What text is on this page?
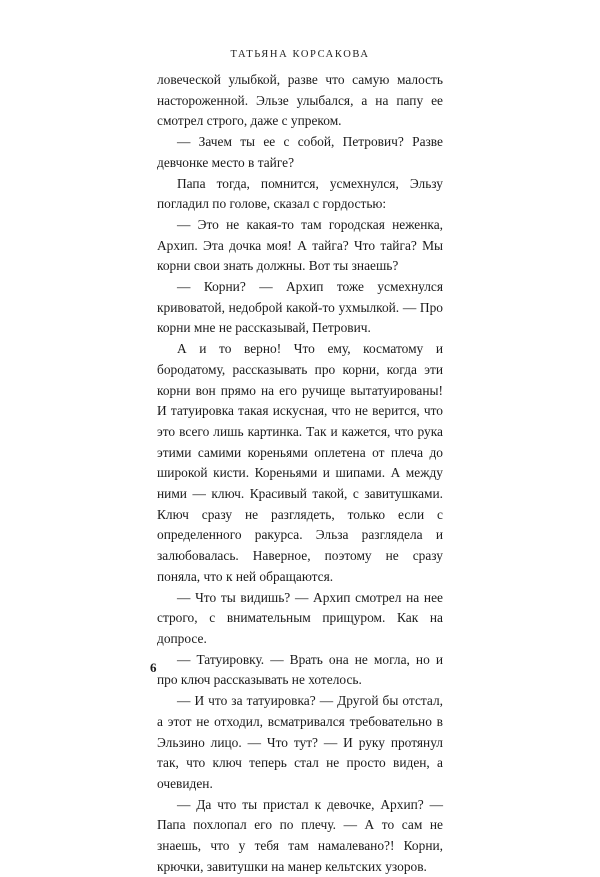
ТАТЬЯНА КОРСАКОВА

ловеческой улыбкой, разве что самую малость настороженной. Эльзе улыбался, а на папу ее смотрел строго, даже с упреком.

— Зачем ты ее с собой, Петрович? Разве девчонке место в тайге?

Папа тогда, помнится, усмехнулся, Эльзу погладил по голове, сказал с гордостью:

— Это не какая-то там городская неженка, Архип. Эта дочка моя! А тайга? Что тайга? Мы корни свои знать должны. Вот ты знаешь?

— Корни? — Архип тоже усмехнулся кривоватой, недоброй какой-то ухмылкой. — Про корни мне не рассказывай, Петрович.

А и то верно! Что ему, косматому и бородатому, рассказывать про корни, когда эти корни вон прямо на его ручище вытатуированы! И татуировка такая искусная, что не верится, что это всего лишь картинка. Так и кажется, что рука этими самими кореньями оплетена от плеча до широкой кисти. Кореньями и шипами. А между ними — ключ. Красивый такой, с завитушками. Ключ сразу не разглядеть, только если с определенного ракурса. Эльза разглядела и залюбовалась. Наверное, поэтому не сразу поняла, что к ней обращаются.

— Что ты видишь? — Архип смотрел на нее строго, с внимательным прищуром. Как на допросе.

— Татуировку. — Врать она не могла, но и про ключ рассказывать не хотелось.

— И что за татуировка? — Другой бы отстал, а этот не отходил, всматривался требовательно в Эльзино лицо. — Что тут? — И руку протянул так, что ключ теперь стал не просто виден, а очевиден.

— Да что ты пристал к девочке, Архип? — Папа похлопал его по плечу. — А то сам не знаешь, что у тебя там намалевано?! Корни, крючки, завитушки на манер кельтских узоров.

6
